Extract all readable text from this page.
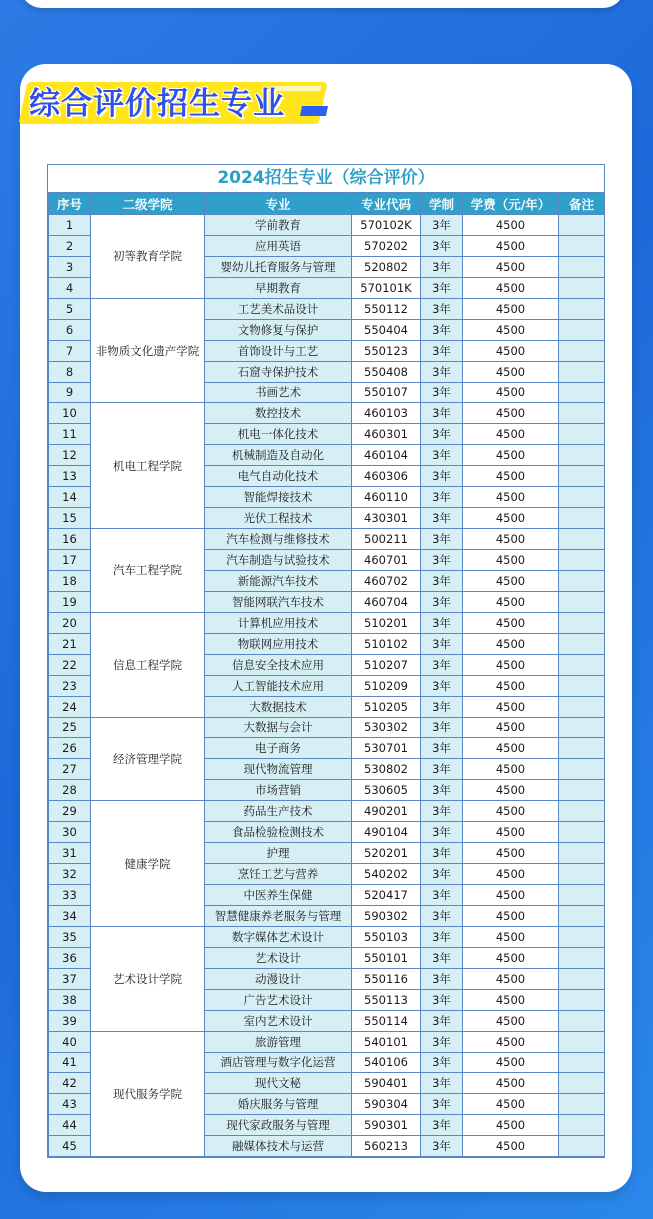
综合评价招生专业
2024招生专业（综合评价）
序号	二级学院	专业	专业代码	学制	学费（元/年）	备注
1	初等教育学院	学前教育	570102K	3年	4500	
2		应用英语	570202	3年	4500	
3		婴幼儿托育服务与管理	520802	3年	4500	
4		早期教育	570101K	3年	4500	
5	非物质文化遗产学院	工艺美术品设计	550112	3年	4500	
6		文物修复与保护	550404	3年	4500	
7		首饰设计与工艺	550123	3年	4500	
8		石窟寺保护技术	550408	3年	4500	
9		书画艺术	550107	3年	4500	
10	机电工程学院	数控技术	460103	3年	4500	
11		机电一体化技术	460301	3年	4500	
12		机械制造及自动化	460104	3年	4500	
13		电气自动化技术	460306	3年	4500	
14		智能焊接技术	460110	3年	4500	
15		光伏工程技术	430301	3年	4500	
16	汽车工程学院	汽车检测与维修技术	500211	3年	4500	
17		汽车制造与试验技术	460701	3年	4500	
18		新能源汽车技术	460702	3年	4500	
19		智能网联汽车技术	460704	3年	4500	
20	信息工程学院	计算机应用技术	510201	3年	4500	
21		物联网应用技术	510102	3年	4500	
22		信息安全技术应用	510207	3年	4500	
23		人工智能技术应用	510209	3年	4500	
24		大数据技术	510205	3年	4500	
25	经济管理学院	大数据与会计	530302	3年	4500	
26		电子商务	530701	3年	4500	
27		现代物流管理	530802	3年	4500	
28		市场营销	530605	3年	4500	
29	健康学院	药品生产技术	490201	3年	4500	
30		食品检验检测技术	490104	3年	4500	
31		护理	520201	3年	4500	
32		烹饪工艺与营养	540202	3年	4500	
33		中医养生保健	520417	3年	4500	
34		智慧健康养老服务与管理	590302	3年	4500	
35	艺术设计学院	数字媒体艺术设计	550103	3年	4500	
36		艺术设计	550101	3年	4500	
37		动漫设计	550116	3年	4500	
38		广告艺术设计	550113	3年	4500	
39		室内艺术设计	550114	3年	4500	
40	现代服务学院	旅游管理	540101	3年	4500	
41		酒店管理与数字化运营	540106	3年	4500	
42		现代文秘	590401	3年	4500	
43		婚庆服务与管理	590304	3年	4500	
44		现代家政服务与管理	590301	3年	4500	
45		融媒体技术与运营	560213	3年	4500	
